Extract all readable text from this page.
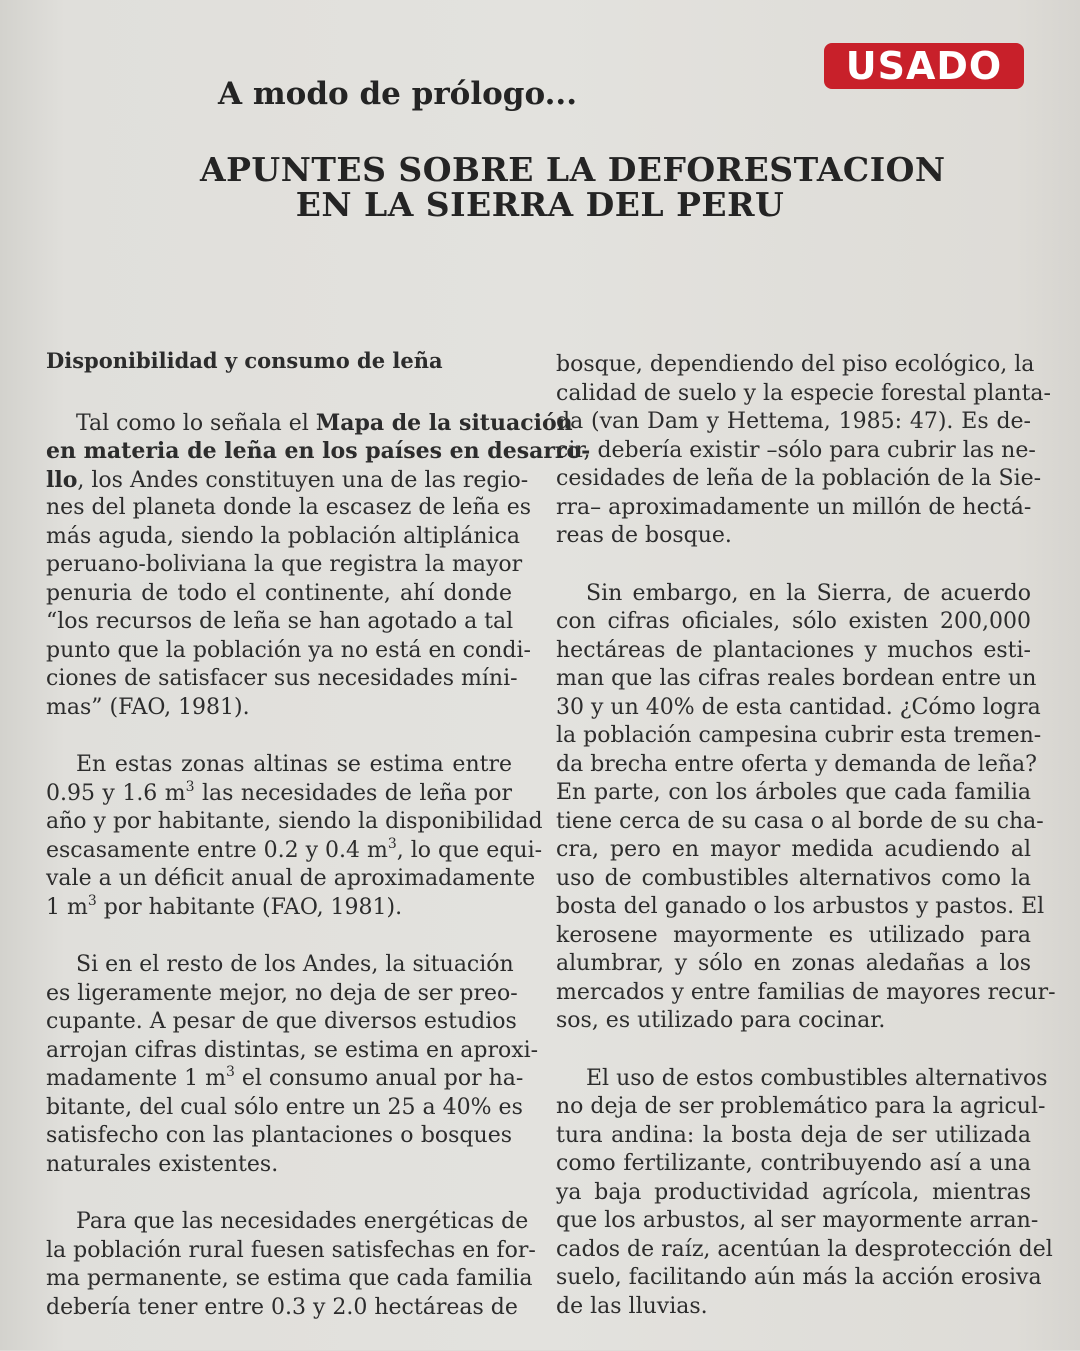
USADO
A modo de prólogo...
APUNTES SOBRE LA DEFORESTACION
EN LA SIERRA DEL PERU
Disponibilidad y consumo de leña
Tal como lo señala el Mapa de la situación
en materia de leña en los países en desarro-
llo, los Andes constituyen una de las regio-
nes del planeta donde la escasez de leña es
más aguda, siendo la población altiplánica
peruano-boliviana la que registra la mayor
penuria de todo el continente, ahí donde
“los recursos de leña se han agotado a tal
punto que la población ya no está en condi-
ciones de satisfacer sus necesidades míni-
mas” (FAO, 1981).
En estas zonas altinas se estima entre
0.95 y 1.6 $m^3$ las necesidades de leña por
año y por habitante, siendo la disponibilidad
escasamente entre 0.2 y 0.4 $m^3$, lo que equi-
vale a un déficit anual de aproximadamente
1 $m^3$ por habitante (FAO, 1981).
Si en el resto de los Andes, la situación
es ligeramente mejor, no deja de ser preo-
cupante. A pesar de que diversos estudios
arrojan cifras distintas, se estima en aproxi-
madamente 1 $m^3$ el consumo anual por ha-
bitante, del cual sólo entre un 25 a 40% es
satisfecho con las plantaciones o bosques
naturales existentes.
Para que las necesidades energéticas de
la población rural fuesen satisfechas en for-
ma permanente, se estima que cada familia
debería tener entre 0.3 y 2.0 hectáreas de
bosque, dependiendo del piso ecológico, la
calidad de suelo y la especie forestal planta-
da (van Dam y Hettema, 1985: 47). Es de-
cir, debería existir –sólo para cubrir las ne-
cesidades de leña de la población de la Sie-
rra– aproximadamente un millón de hectá-
reas de bosque.
Sin embargo, en la Sierra, de acuerdo
con cifras oficiales, sólo existen 200,000
hectáreas de plantaciones y muchos esti-
man que las cifras reales bordean entre un
30 y un 40% de esta cantidad. ¿Cómo logra
la población campesina cubrir esta tremen-
da brecha entre oferta y demanda de leña?
En parte, con los árboles que cada familia
tiene cerca de su casa o al borde de su cha-
cra, pero en mayor medida acudiendo al
uso de combustibles alternativos como la
bosta del ganado o los arbustos y pastos. El
kerosene mayormente es utilizado para
alumbrar, y sólo en zonas aledañas a los
mercados y entre familias de mayores recur-
sos, es utilizado para cocinar.
El uso de estos combustibles alternativos
no deja de ser problemático para la agricul-
tura andina: la bosta deja de ser utilizada
como fertilizante, contribuyendo así a una
ya baja productividad agrícola, mientras
que los arbustos, al ser mayormente arran-
cados de raíz, acentúan la desprotección del
suelo, facilitando aún más la acción erosiva
de las lluvias.
